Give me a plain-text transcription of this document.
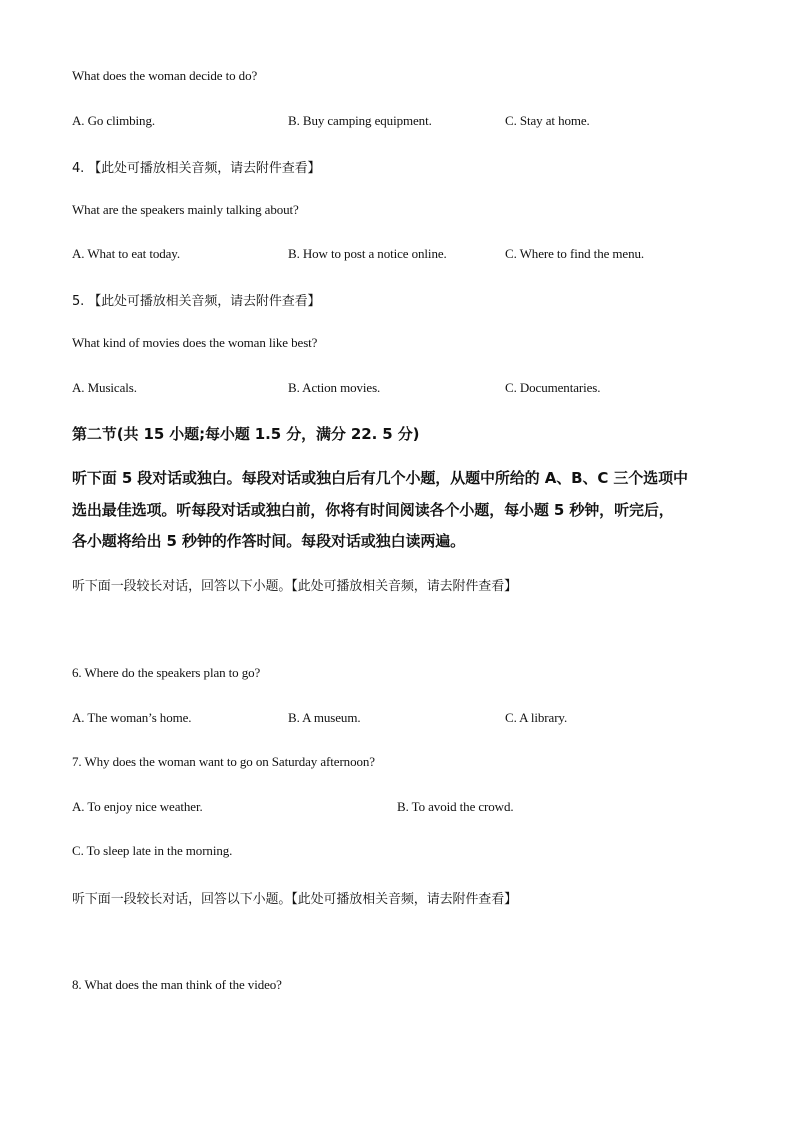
What does the woman decide to do?
A. Go climbing.	B. Buy camping equipment.	C. Stay at home.
4. 【此处可播放相关音频，请去附件查看】
What are the speakers mainly talking about?
A. What to eat today.	B. How to post a notice online.	C. Where to find the menu.
5. 【此处可播放相关音频，请去附件查看】
What kind of movies does the woman like best?
A. Musicals.	B. Action movies.	C. Documentaries.
第二节(共 15 小题;每小题 1.5 分，满分 22. 5 分)
听下面 5 段对话或独白。每段对话或独白后有几个小题，从题中所给的 A、B、C 三个选项中
选出最佳选项。听每段对话或独白前，你将有时间阅读各个小题，每小题 5 秒钟，听完后，
各小题将给出 5 秒钟的作答时间。每段对话或独白读两遍。
听下面一段较长对话，回答以下小题。【此处可播放相关音频，请去附件查看】
6. Where do the speakers plan to go?
A. The woman’s home.	B. A museum.	C. A library.
7. Why does the woman want to go on Saturday afternoon?
A. To enjoy nice weather.	B. To avoid the crowd.
C. To sleep late in the morning.
听下面一段较长对话，回答以下小题。【此处可播放相关音频，请去附件查看】
8. What does the man think of the video?
